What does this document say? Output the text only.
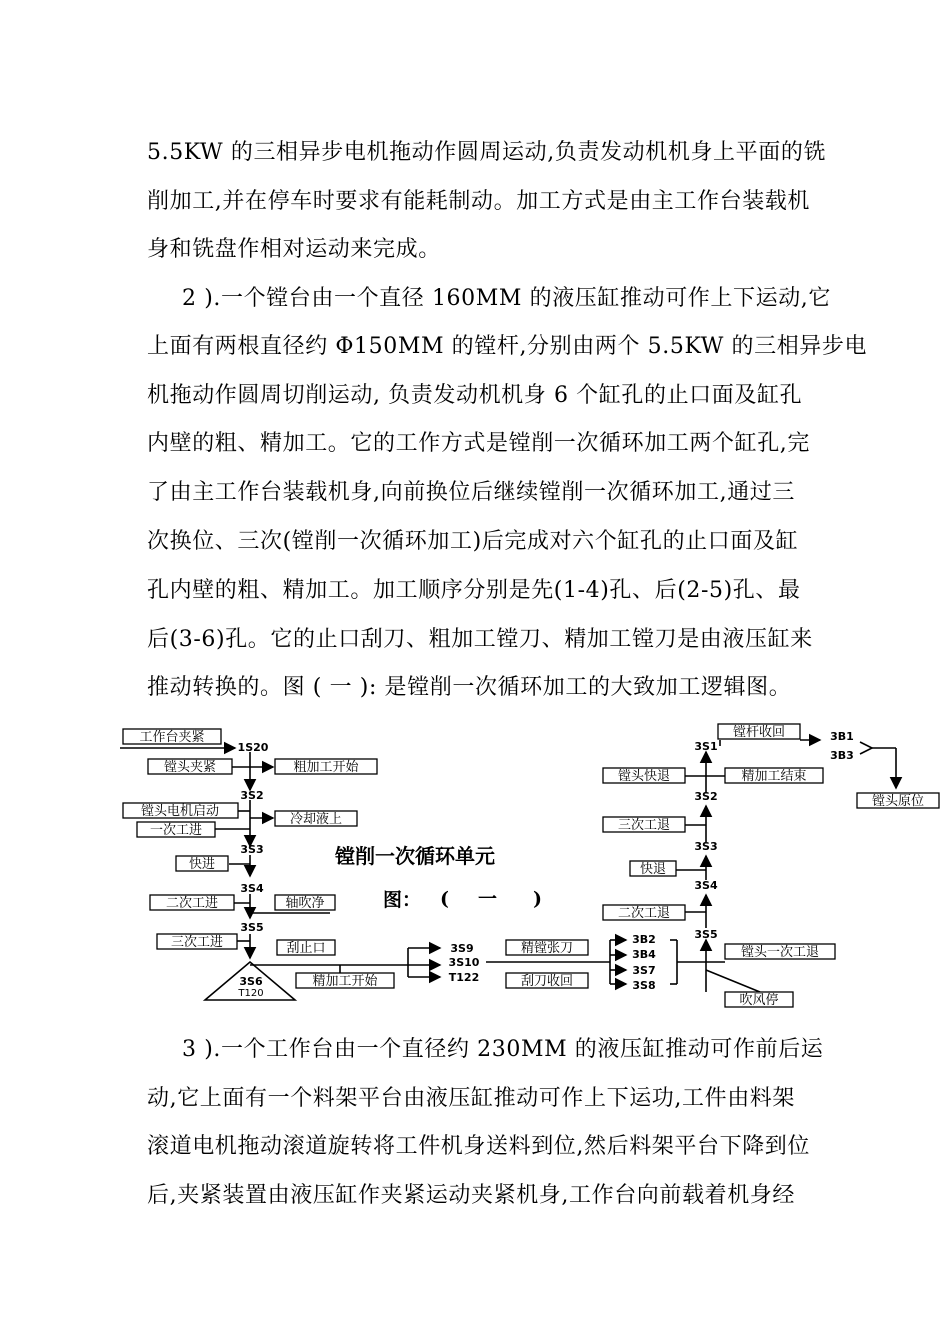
5.5KW 的三相异步电机拖动作圆周运动,负责发动机机身上平面的铣
削加工,并在停车时要求有能耗制动。加工方式是由主工作台装载机
身和铣盘作相对运动来完成。
2 ).一个镗台由一个直径 160MM 的液压缸推动可作上下运动,它
上面有两根直径约 Φ150MM 的镗杆,分别由两个 5.5KW 的三相异步电
机拖动作圆周切削运动, 负责发动机机身 6 个缸孔的止口面及缸孔
内壁的粗、精加工。它的工作方式是镗削一次循环加工两个缸孔,完
了由主工作台装载机身,向前换位后继续镗削一次循环加工,通过三
次换位、三次(镗削一次循环加工)后完成对六个缸孔的止口面及缸
孔内壁的粗、精加工。加工顺序分别是先(1-4)孔、后(2-5)孔、最
后(3-6)孔。它的止口刮刀、粗加工镗刀、精加工镗刀是由液压缸来
推动转换的。图 ( 一 ): 是镗削一次循环加工的大致加工逻辑图。
工作台夹紧
镗头夹紧	粗加工开始
镗头电机启动
冷却液上
一次工进
快进
二次工进	轴吹净
三次工进	刮止口
精加工开始
精镗张刀
刮刀收回
镗杆收回
镗头快退	精加工结束
镗头原位
三次工退
快退
二次工退
镗头一次工退
吹风停
1S20
3S2
3S3
3S4
3S5
3S6
T120
3S9
3S10
T122
3B2
3B4
3S7
3S8
3S5
3S4
3S3
3S2
3S1
3B1
3B3
镗削一次循环单元
图： ( 一 )
3 ).一个工作台由一个直径约 230MM 的液压缸推动可作前后运
动,它上面有一个料架平台由液压缸推动可作上下运功,工件由料架
滚道电机拖动滚道旋转将工件机身送料到位,然后料架平台下降到位
后,夹紧装置由液压缸作夹紧运动夹紧机身,工作台向前载着机身经
